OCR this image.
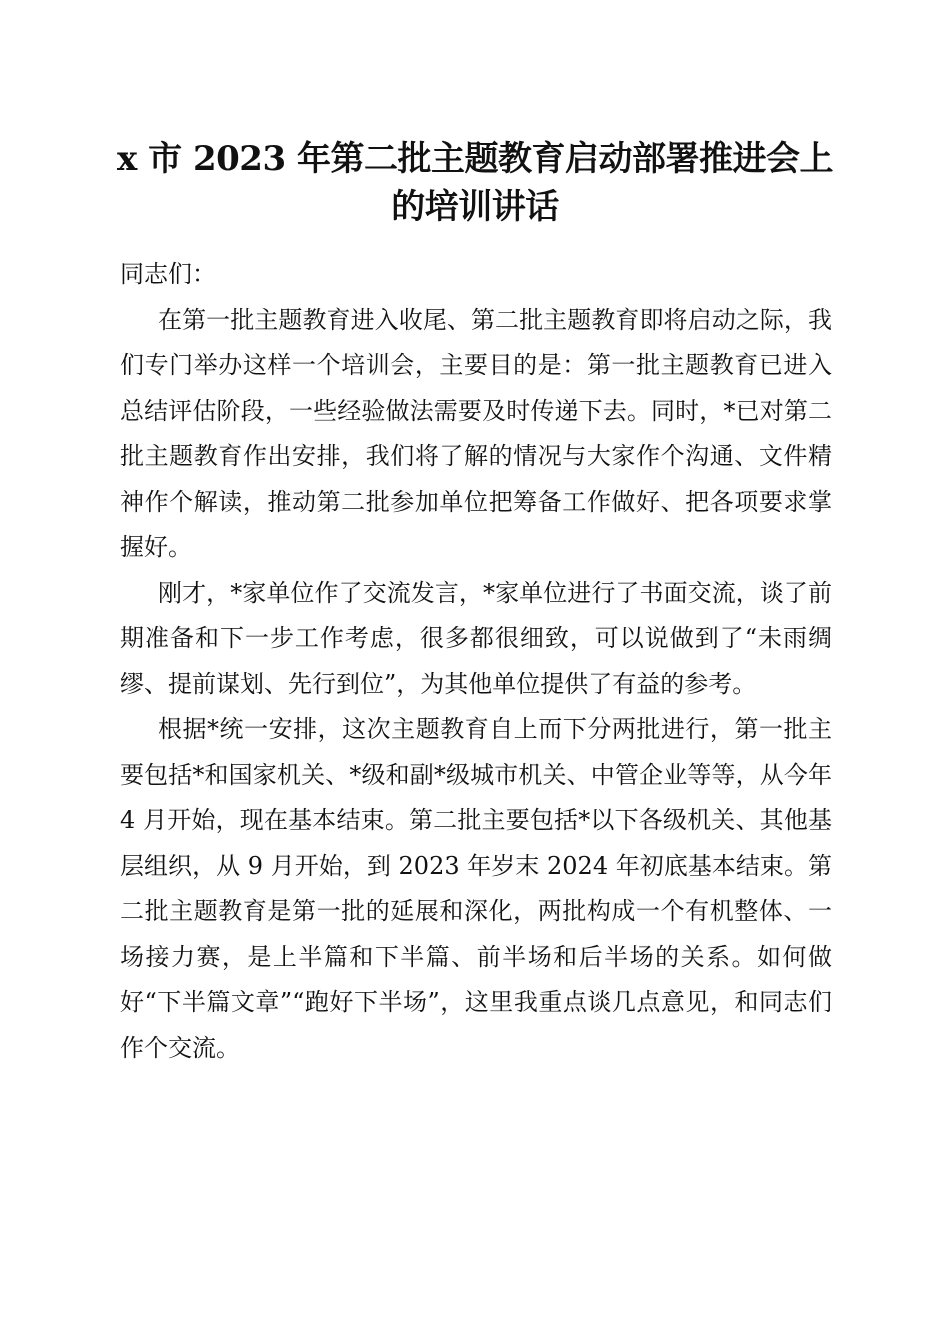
x 市 2023 年第二批主题教育启动部署推进会上
的培训讲话

同志们：

在第一批主题教育进入收尾、第二批主题教育即将启动之际，我们专门举办这样一个培训会，主要目的是：第一批主题教育已进入总结评估阶段，一些经验做法需要及时传递下去。同时，*已对第二批主题教育作出安排，我们将了解的情况与大家作个沟通、文件精神作个解读，推动第二批参加单位把筹备工作做好、把各项要求掌握好。

刚才，*家单位作了交流发言，*家单位进行了书面交流，谈了前期准备和下一步工作考虑，很多都很细致，可以说做到了“未雨绸缪、提前谋划、先行到位”，为其他单位提供了有益的参考。

根据*统一安排，这次主题教育自上而下分两批进行，第一批主要包括*和国家机关、*级和副*级城市机关、中管企业等等，从今年 4 月开始，现在基本结束。第二批主要包括*以下各级机关、其他基层组织，从 9 月开始，到 2023 年岁末 2024 年初底基本结束。第二批主题教育是第一批的延展和深化，两批构成一个有机整体、一场接力赛，是上半篇和下半篇、前半场和后半场的关系。如何做好“下半篇文章”“跑好下半场”，这里我重点谈几点意见，和同志们作个交流。
